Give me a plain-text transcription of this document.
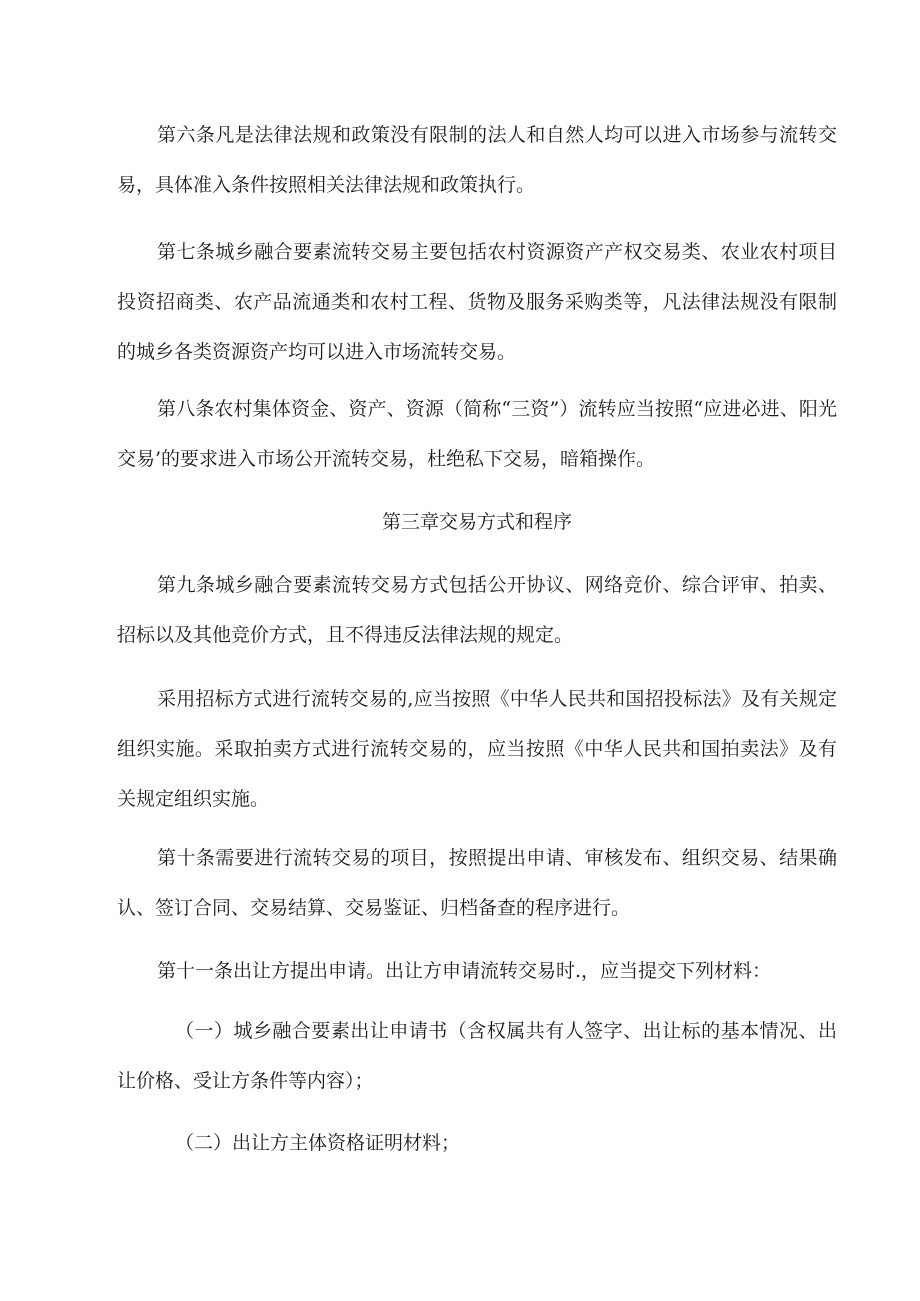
第六条凡是法律法规和政策没有限制的法人和自然人均可以进入市场参与流转交易，具体准入条件按照相关法律法规和政策执行。

第七条城乡融合要素流转交易主要包括农村资源资产产权交易类、农业农村项目投资招商类、农产品流通类和农村工程、货物及服务采购类等，凡法律法规没有限制的城乡各类资源资产均可以进入市场流转交易。

第八条农村集体资金、资产、资源（简称“三资”）流转应当按照“应进必进、阳光交易’的要求进入市场公开流转交易，杜绝私下交易，暗箱操作。

第三章交易方式和程序

第九条城乡融合要素流转交易方式包括公开协议、网络竞价、综合评审、拍卖、招标以及其他竞价方式，且不得违反法律法规的规定。

采用招标方式进行流转交易的,应当按照《中华人民共和国招投标法》及有关规定组织实施。采取拍卖方式进行流转交易的，应当按照《中华人民共和国拍卖法》及有关规定组织实施。

第十条需要进行流转交易的项目，按照提出申请、审核发布、组织交易、结果确认、签订合同、交易结算、交易鉴证、归档备查的程序进行。

第十一条出让方提出申请。出让方申请流转交易时.，应当提交下列材料：

（一）城乡融合要素出让申请书（含权属共有人签字、出让标的基本情况、出让价格、受让方条件等内容）；

（二）出让方主体资格证明材料；
